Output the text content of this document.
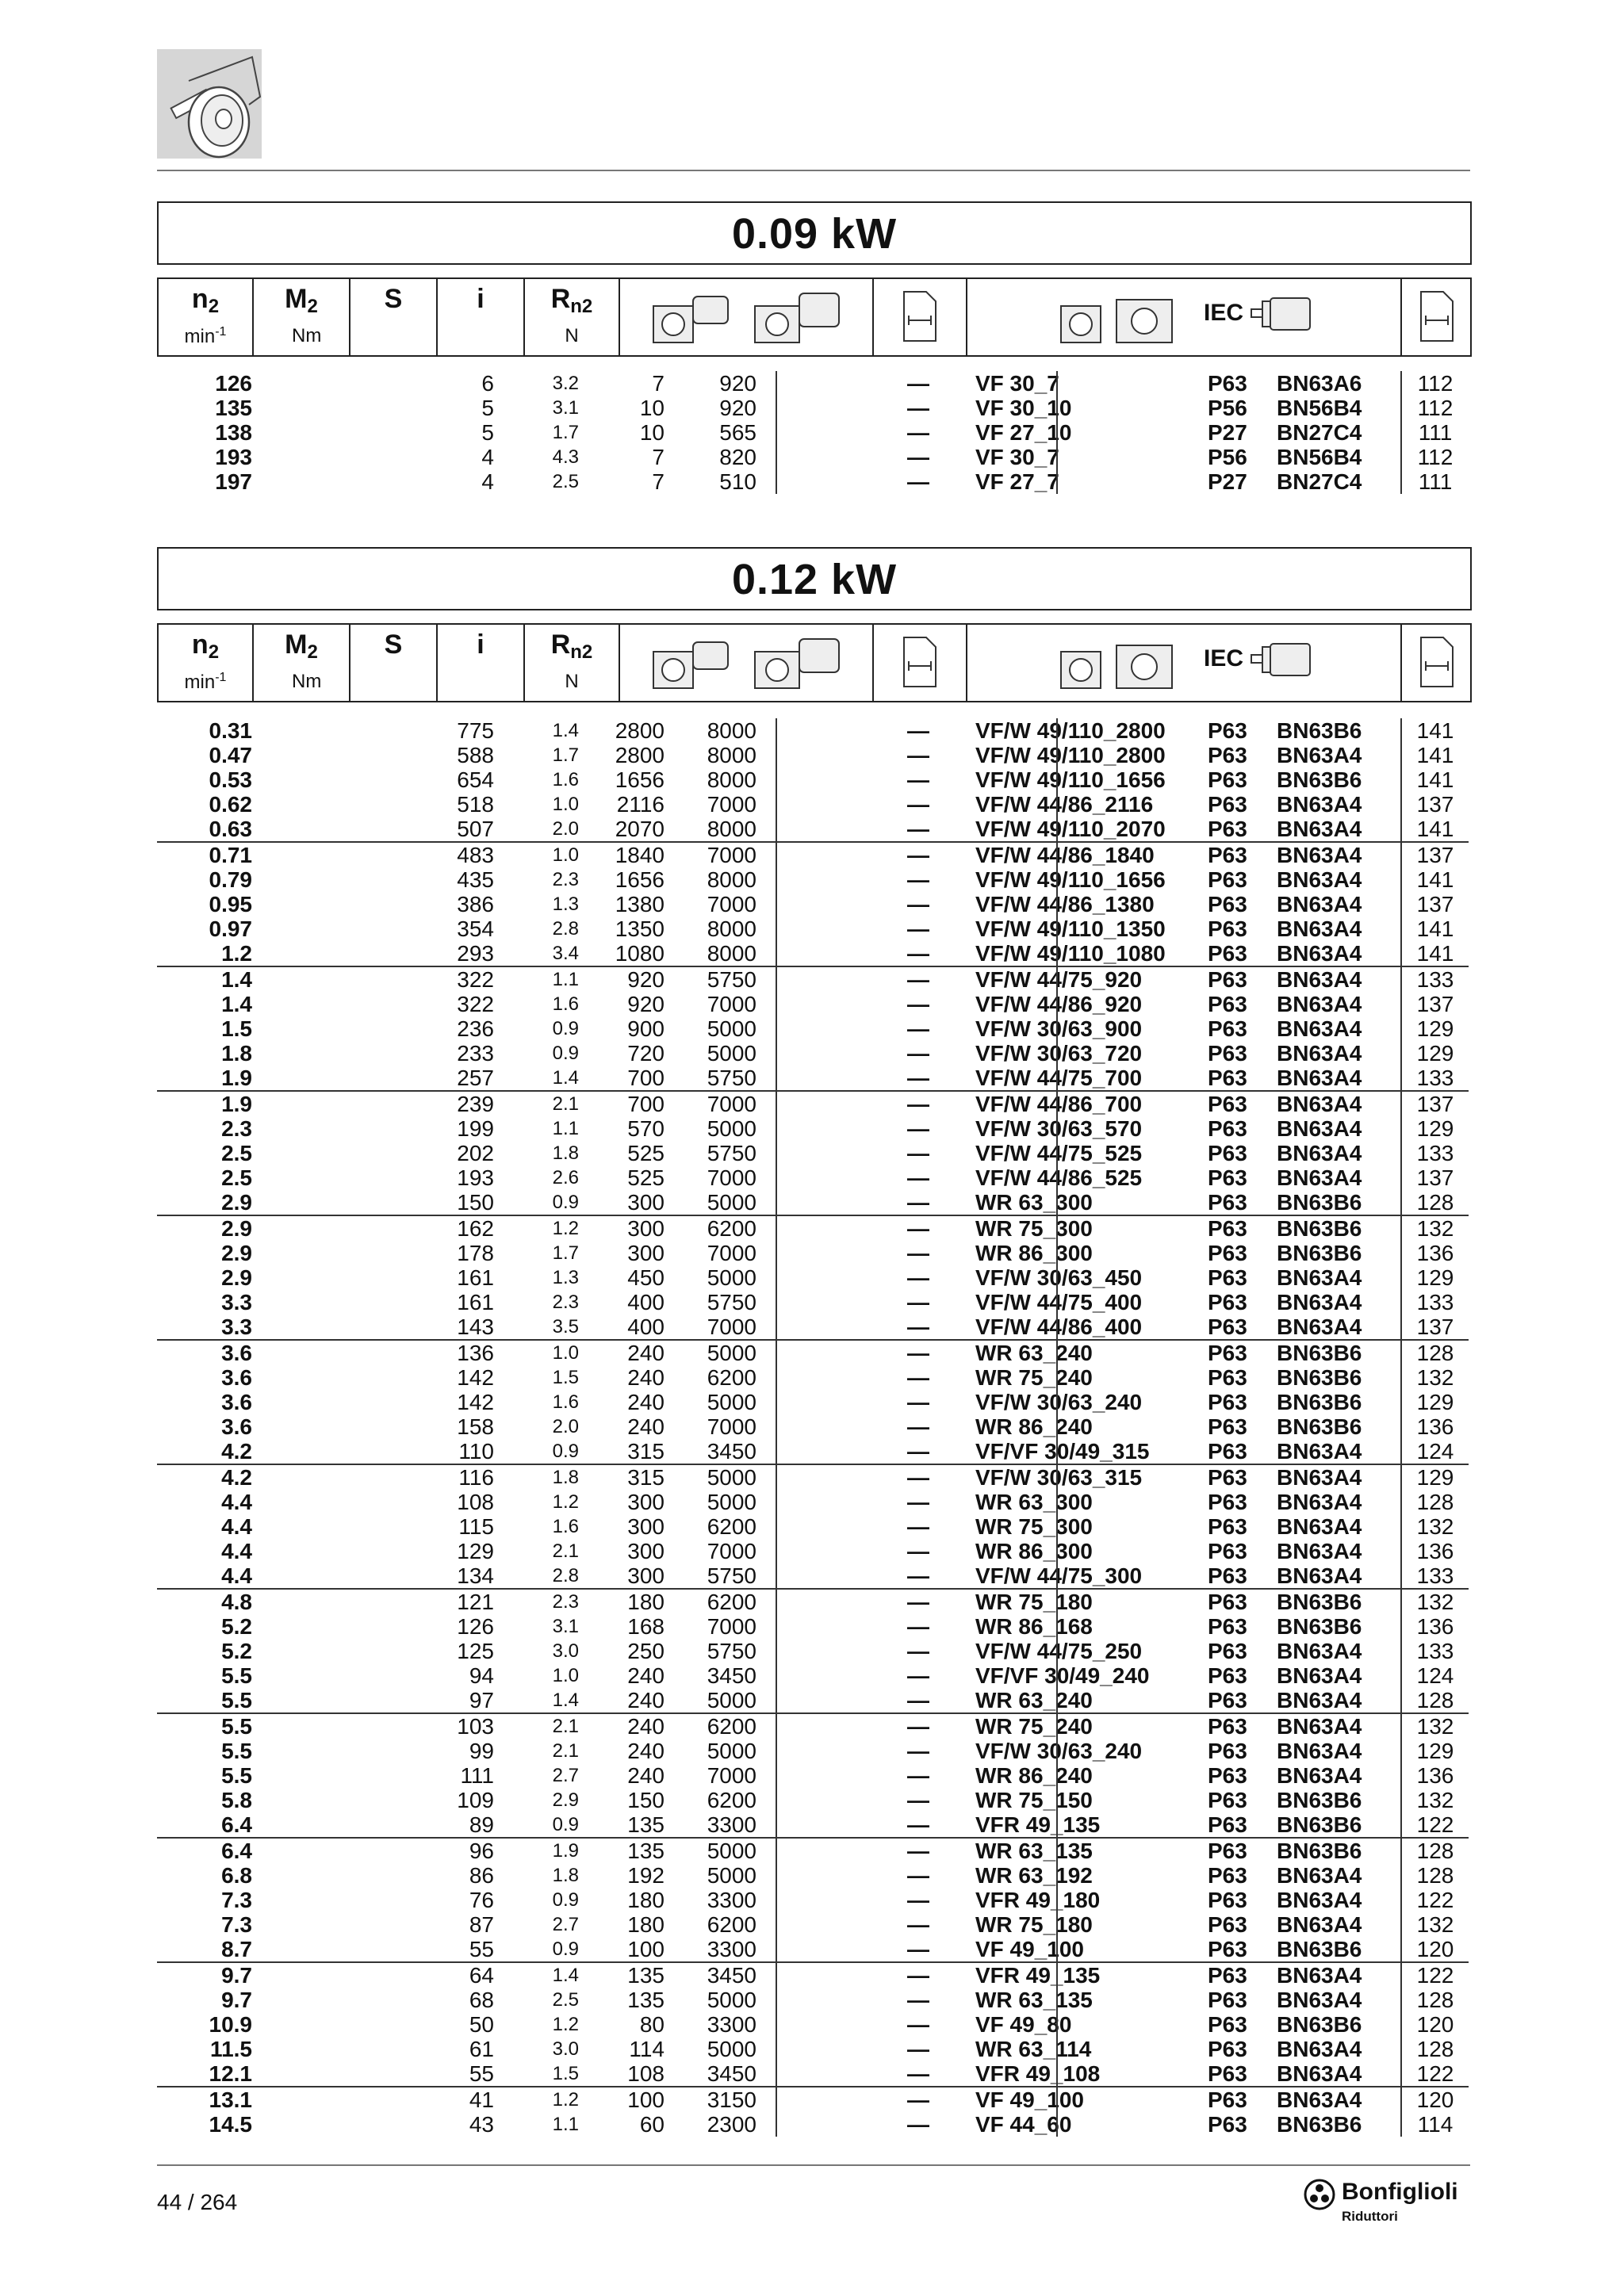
0.09 kW
$n_2$
$\min^{-1}$
$M_2$
Nm
S	i	$R_{n2}$
N
IEC
126	6	3.2	7	920	—	VF 30_7	P63	BN63A6	112
135	5	3.1	10	920	—	VF 30_10	P56	BN56B4	112
138	5	1.7	10	565	—	VF 27_10	P27	BN27C4	111
193	4	4.3	7	820	—	VF 30_7	P56	BN56B4	112
197	4	2.5	7	510	—	VF 27_7	P27	BN27C4	111
0.12 kW
$n_2$
$\min^{-1}$
$M_2$
Nm
S	i	$R_{n2}$
N
IEC
0.31	775	1.4	2800	8000	—	VF/W 49/110_2800	P63	BN63B6	141
0.47	588	1.7	2800	8000	—	VF/W 49/110_2800	P63	BN63A4	141
0.53	654	1.6	1656	8000	—	VF/W 49/110_1656	P63	BN63B6	141
0.62	518	1.0	2116	7000	—	VF/W 44/86_2116	P63	BN63A4	137
0.63	507	2.0	2070	8000	—	VF/W 49/110_2070	P63	BN63A4	141
0.71	483	1.0	1840	7000	—	VF/W 44/86_1840	P63	BN63A4	137
0.79	435	2.3	1656	8000	—	VF/W 49/110_1656	P63	BN63A4	141
0.95	386	1.3	1380	7000	—	VF/W 44/86_1380	P63	BN63A4	137
0.97	354	2.8	1350	8000	—	VF/W 49/110_1350	P63	BN63A4	141
1.2	293	3.4	1080	8000	—	VF/W 49/110_1080	P63	BN63A4	141
1.4	322	1.1	920	5750	—	VF/W 44/75_920	P63	BN63A4	133
1.4	322	1.6	920	7000	—	VF/W 44/86_920	P63	BN63A4	137
1.5	236	0.9	900	5000	—	VF/W 30/63_900	P63	BN63A4	129
1.8	233	0.9	720	5000	—	VF/W 30/63_720	P63	BN63A4	129
1.9	257	1.4	700	5750	—	VF/W 44/75_700	P63	BN63A4	133
1.9	239	2.1	700	7000	—	VF/W 44/86_700	P63	BN63A4	137
2.3	199	1.1	570	5000	—	VF/W 30/63_570	P63	BN63A4	129
2.5	202	1.8	525	5750	—	VF/W 44/75_525	P63	BN63A4	133
2.5	193	2.6	525	7000	—	VF/W 44/86_525	P63	BN63A4	137
2.9	150	0.9	300	5000	—	WR 63_300	P63	BN63B6	128
2.9	162	1.2	300	6200	—	WR 75_300	P63	BN63B6	132
2.9	178	1.7	300	7000	—	WR 86_300	P63	BN63B6	136
2.9	161	1.3	450	5000	—	VF/W 30/63_450	P63	BN63A4	129
3.3	161	2.3	400	5750	—	VF/W 44/75_400	P63	BN63A4	133
3.3	143	3.5	400	7000	—	VF/W 44/86_400	P63	BN63A4	137
3.6	136	1.0	240	5000	—	WR 63_240	P63	BN63B6	128
3.6	142	1.5	240	6200	—	WR 75_240	P63	BN63B6	132
3.6	142	1.6	240	5000	—	VF/W 30/63_240	P63	BN63B6	129
3.6	158	2.0	240	7000	—	WR 86_240	P63	BN63B6	136
4.2	110	0.9	315	3450	—	VF/VF 30/49_315	P63	BN63A4	124
4.2	116	1.8	315	5000	—	VF/W 30/63_315	P63	BN63A4	129
4.4	108	1.2	300	5000	—	WR 63_300	P63	BN63A4	128
4.4	115	1.6	300	6200	—	WR 75_300	P63	BN63A4	132
4.4	129	2.1	300	7000	—	WR 86_300	P63	BN63A4	136
4.4	134	2.8	300	5750	—	VF/W 44/75_300	P63	BN63A4	133
4.8	121	2.3	180	6200	—	WR 75_180	P63	BN63B6	132
5.2	126	3.1	168	7000	—	WR 86_168	P63	BN63B6	136
5.2	125	3.0	250	5750	—	VF/W 44/75_250	P63	BN63A4	133
5.5	94	1.0	240	3450	—	VF/VF 30/49_240	P63	BN63A4	124
5.5	97	1.4	240	5000	—	WR 63_240	P63	BN63A4	128
5.5	103	2.1	240	6200	—	WR 75_240	P63	BN63A4	132
5.5	99	2.1	240	5000	—	VF/W 30/63_240	P63	BN63A4	129
5.5	111	2.7	240	7000	—	WR 86_240	P63	BN63A4	136
5.8	109	2.9	150	6200	—	WR 75_150	P63	BN63B6	132
6.4	89	0.9	135	3300	—	VFR 49_135	P63	BN63B6	122
6.4	96	1.9	135	5000	—	WR 63_135	P63	BN63B6	128
6.8	86	1.8	192	5000	—	WR 63_192	P63	BN63A4	128
7.3	76	0.9	180	3300	—	VFR 49_180	P63	BN63A4	122
7.3	87	2.7	180	6200	—	WR 75_180	P63	BN63A4	132
8.7	55	0.9	100	3300	—	VF 49_100	P63	BN63B6	120
9.7	64	1.4	135	3450	—	VFR 49_135	P63	BN63A4	122
9.7	68	2.5	135	5000	—	WR 63_135	P63	BN63A4	128
10.9	50	1.2	80	3300	—	VF 49_80	P63	BN63B6	120
11.5	61	3.0	114	5000	—	WR 63_114	P63	BN63A4	128
12.1	55	1.5	108	3450	—	VFR 49_108	P63	BN63A4	122
13.1	41	1.2	100	3150	—	VF 49_100	P63	BN63A4	120
14.5	43	1.1	60	2300	—	VF 44_60	P63	BN63B6	114
44 / 264	Bonfiglioli
Riduttori
